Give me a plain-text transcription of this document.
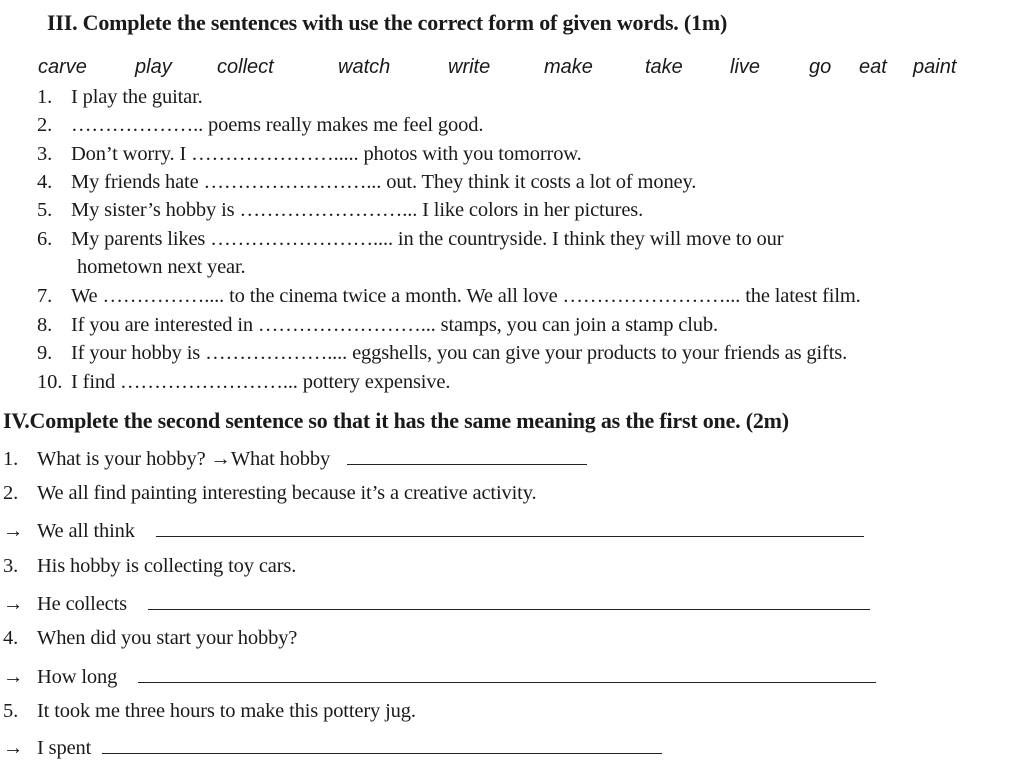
III. Complete the sentences with use the correct form of given words. (1m)
carve play collect	watch	write	make	take live go eat paint
1. I play the guitar.
2. ……………….. poems really makes me feel good.
3. Don’t worry. I …………………..... photos with you tomorrow.
4. My friends hate ……………………... out. They think it costs a lot of money.
5. My sister’s hobby is ……………………... I like colors in her pictures.
6. My parents likes …………………….... in the countryside. I think they will move to our
hometown next year.
7. We …………….... to the cinema twice a month. We all love ……………………... the latest film.
8. If you are interested in ……………………... stamps, you can join a stamp club.
9. If your hobby is ……………….... eggshells, you can give your products to your friends as gifts.
10. I find ……………………... pottery expensive.
IV.Complete the second sentence so that it has the same meaning as the first one. (2m)
1. What is your hobby? →What hobby
2. We all find painting interesting because it’s a creative activity.
→ We all think
3. His hobby is collecting toy cars.
→ He collects
4. When did you start your hobby?
→ How long
5. It took me three hours to make this pottery jug.
→ I spent
